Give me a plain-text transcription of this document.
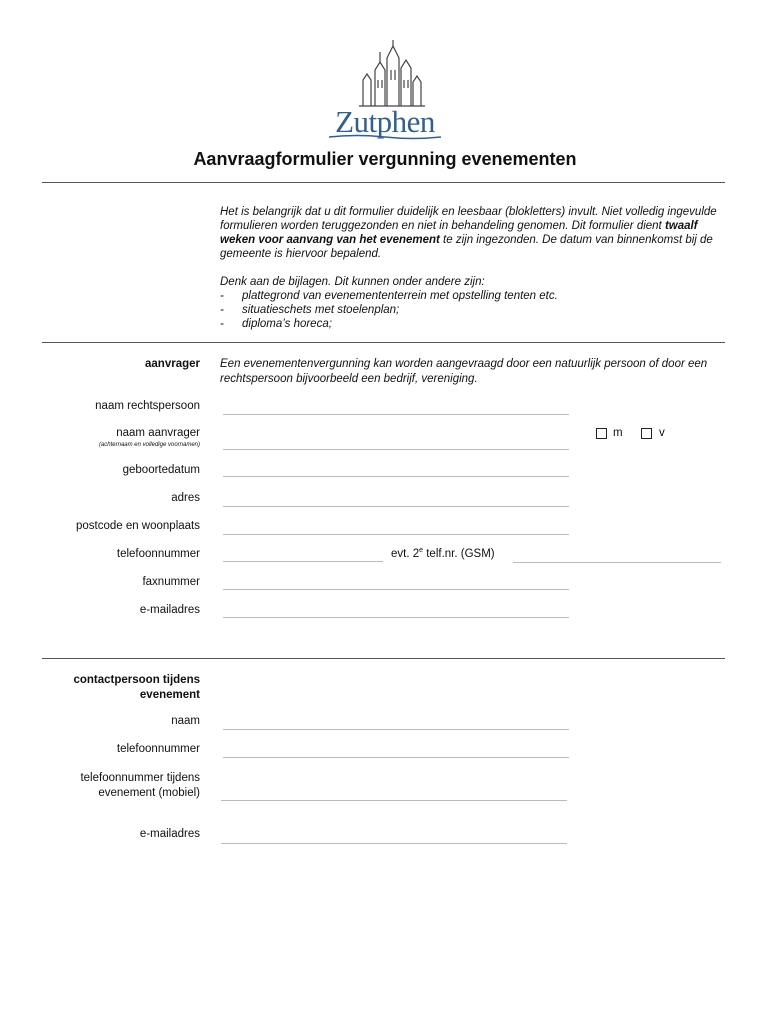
Zutphen
Aanvraagformulier vergunning evenementen

Het is belangrijk dat u dit formulier duidelijk en leesbaar (blokletters) invult. Niet volledig ingevulde formulieren worden teruggezonden en niet in behandeling genomen. Dit formulier dient twaalf weken voor aanvang van het evenement te zijn ingezonden. De datum van binnenkomst bij de gemeente is hiervoor bepalend.

Denk aan de bijlagen. Dit kunnen onder andere zijn:

-	plattegrond van evenemententerrein met opstelling tenten etc.
-	situatieschets met stoelenplan;
-	diploma’s horeca;
aanvrager Een evenementenvergunning kan worden aangevraagd door een natuurlijk persoon of door een rechtspersoon bijvoorbeeld een bedrijf, vereniging.
naam rechtspersoon
naam aanvrager
(achternaam en volledige voornamen)
m	v
geboortedatum
adres
postcode en woonplaats
telefoonnummer	evt. 2e telf.nr. (GSM)
faxnummer
e-mailadres
contactpersoon tijdens
evenement
naam
telefoonnummer
telefoonnummer tijdens
evenement (mobiel)
e-mailadres
